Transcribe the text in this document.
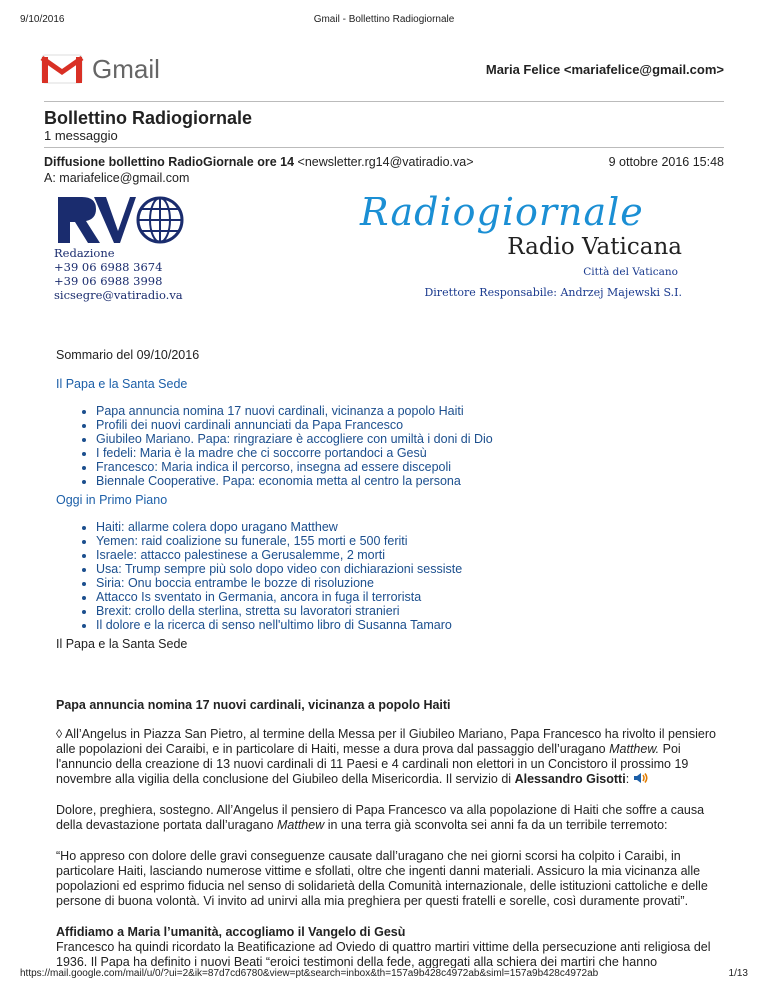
9/10/2016	Gmail - Bollettino Radiogiornale
Gmail	Maria Felice <mariafelice@gmail.com>
Bollettino Radiogiornale
1 messaggio
Diffusione bollettino RadioGiornale ore 14 <newsletter.rg14@vatiradio.va>
A: mariafelice@gmail.com
9 ottobre 2016 15:48
Redazione
+39 06 6988 3674
+39 06 6988 3998
sicsegre@vatiradio.va
Radiogiornale
Radio Vaticana
Città del Vaticano
Direttore Responsabile: Andrzej Majewski S.I.
Sommario del 09/10/2016
Il Papa e la Santa Sede
• Papa annuncia nomina 17 nuovi cardinali, vicinanza a popolo Haiti
• Profili dei nuovi cardinali annunciati da Papa Francesco
• Giubileo Mariano. Papa: ringraziare è accogliere con umiltà i doni di Dio
• I fedeli: Maria è la madre che ci soccorre portandoci a Gesù
• Francesco: Maria indica il percorso, insegna ad essere discepoli
• Biennale Cooperative. Papa: economia metta al centro la persona
Oggi in Primo Piano
• Haiti: allarme colera dopo uragano Matthew
• Yemen: raid coalizione su funerale, 155 morti e 500 feriti
• Israele: attacco palestinese a Gerusalemme, 2 morti
• Usa: Trump sempre più solo dopo video con dichiarazioni sessiste
• Siria: Onu boccia entrambe le bozze di risoluzione
• Attacco Is sventato in Germania, ancora in fuga il terrorista
• Brexit: crollo della sterlina, stretta su lavoratori stranieri
• Il dolore e la ricerca di senso nell'ultimo libro di Susanna Tamaro
Il Papa e la Santa Sede
Papa annuncia nomina 17 nuovi cardinali, vicinanza a popolo Haiti
◊ All’Angelus in Piazza San Pietro, al termine della Messa per il Giubileo Mariano, Papa Francesco ha rivolto il pensiero alle popolazioni dei Caraibi, e in particolare di Haiti, messe a dura prova dal passaggio dell’uragano Matthew. Poi l'annuncio della creazione di 13 nuovi cardinali di 11 Paesi e 4 cardinali non elettori in un Concistoro il prossimo 19 novembre alla vigilia della conclusione del Giubileo della Misericordia. Il servizio di Alessandro Gisotti:
Dolore, preghiera, sostegno. All’Angelus il pensiero di Papa Francesco va alla popolazione di Haiti che soffre a causa della devastazione portata dall’uragano Matthew in una terra già sconvolta sei anni fa da un terribile terremoto:
“Ho appreso con dolore delle gravi conseguenze causate dall’uragano che nei giorni scorsi ha colpito i Caraibi, in particolare Haiti, lasciando numerose vittime e sfollati, oltre che ingenti danni materiali. Assicuro la mia vicinanza alle popolazioni ed esprimo fiducia nel senso di solidarietà della Comunità internazionale, delle istituzioni cattoliche e delle persone di buona volontà. Vi invito ad unirvi alla mia preghiera per questi fratelli e sorelle, così duramente provati”.
Affidiamo a Maria l’umanità, accogliamo il Vangelo di Gesù
Francesco ha quindi ricordato la Beatificazione ad Oviedo di quattro martiri vittime della persecuzione anti religiosa del 1936. Il Papa ha definito i nuovi Beati “eroici testimoni della fede, aggregati alla schiera dei martiri che hanno
https://mail.google.com/mail/u/0/?ui=2&ik=87d7cd6780&view=pt&search=inbox&th=157a9b428c4972ab&siml=157a9b428c4972ab	1/13
